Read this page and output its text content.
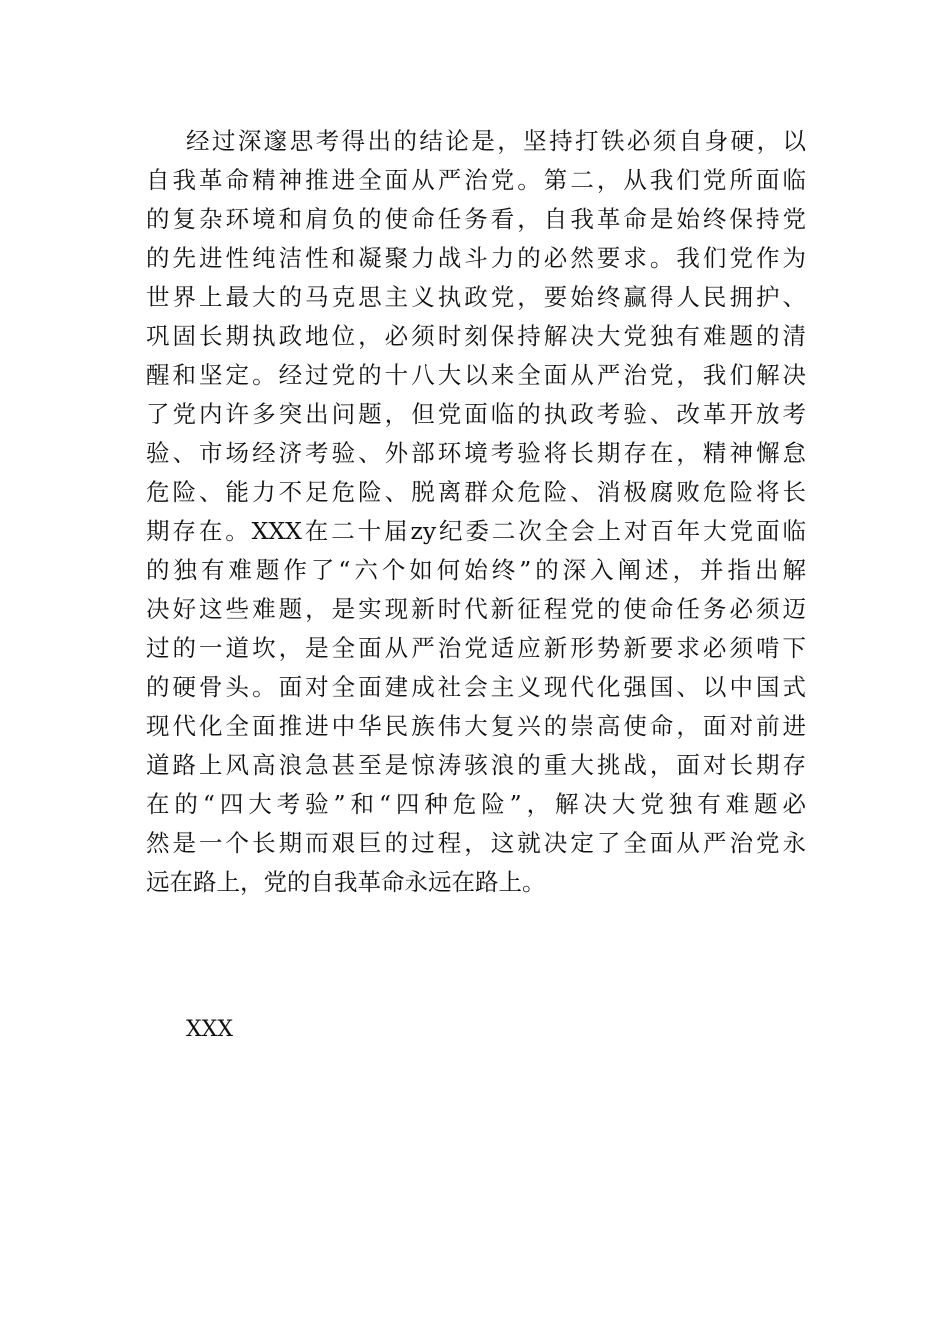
经过深邃思考得出的结论是，坚持打铁必须自身硬，以
自我革命精神推进全面从严治党。第二，从我们党所面临
的复杂环境和肩负的使命任务看，自我革命是始终保持党
的先进性纯洁性和凝聚力战斗力的必然要求。我们党作为
世界上最大的马克思主义执政党，要始终赢得人民拥护、
巩固长期执政地位，必须时刻保持解决大党独有难题的清
醒和坚定。经过党的十八大以来全面从严治党，我们解决
了党内许多突出问题，但党面临的执政考验、改革开放考
验、市场经济考验、外部环境考验将长期存在，精神懈怠
危险、能力不足危险、脱离群众危险、消极腐败危险将长
期存在。XXX在二十届zy纪委二次全会上对百年大党面临
的独有难题作了“六个如何始终”的深入阐述，并指出解
决好这些难题，是实现新时代新征程党的使命任务必须迈
过的一道坎，是全面从严治党适应新形势新要求必须啃下
的硬骨头。面对全面建成社会主义现代化强国、以中国式
现代化全面推进中华民族伟大复兴的崇高使命，面对前进
道路上风高浪急甚至是惊涛骇浪的重大挑战，面对长期存
在的“四大考验”和“四种危险”，解决大党独有难题必
然是一个长期而艰巨的过程，这就决定了全面从严治党永
远在路上，党的自我革命永远在路上。
XXX
